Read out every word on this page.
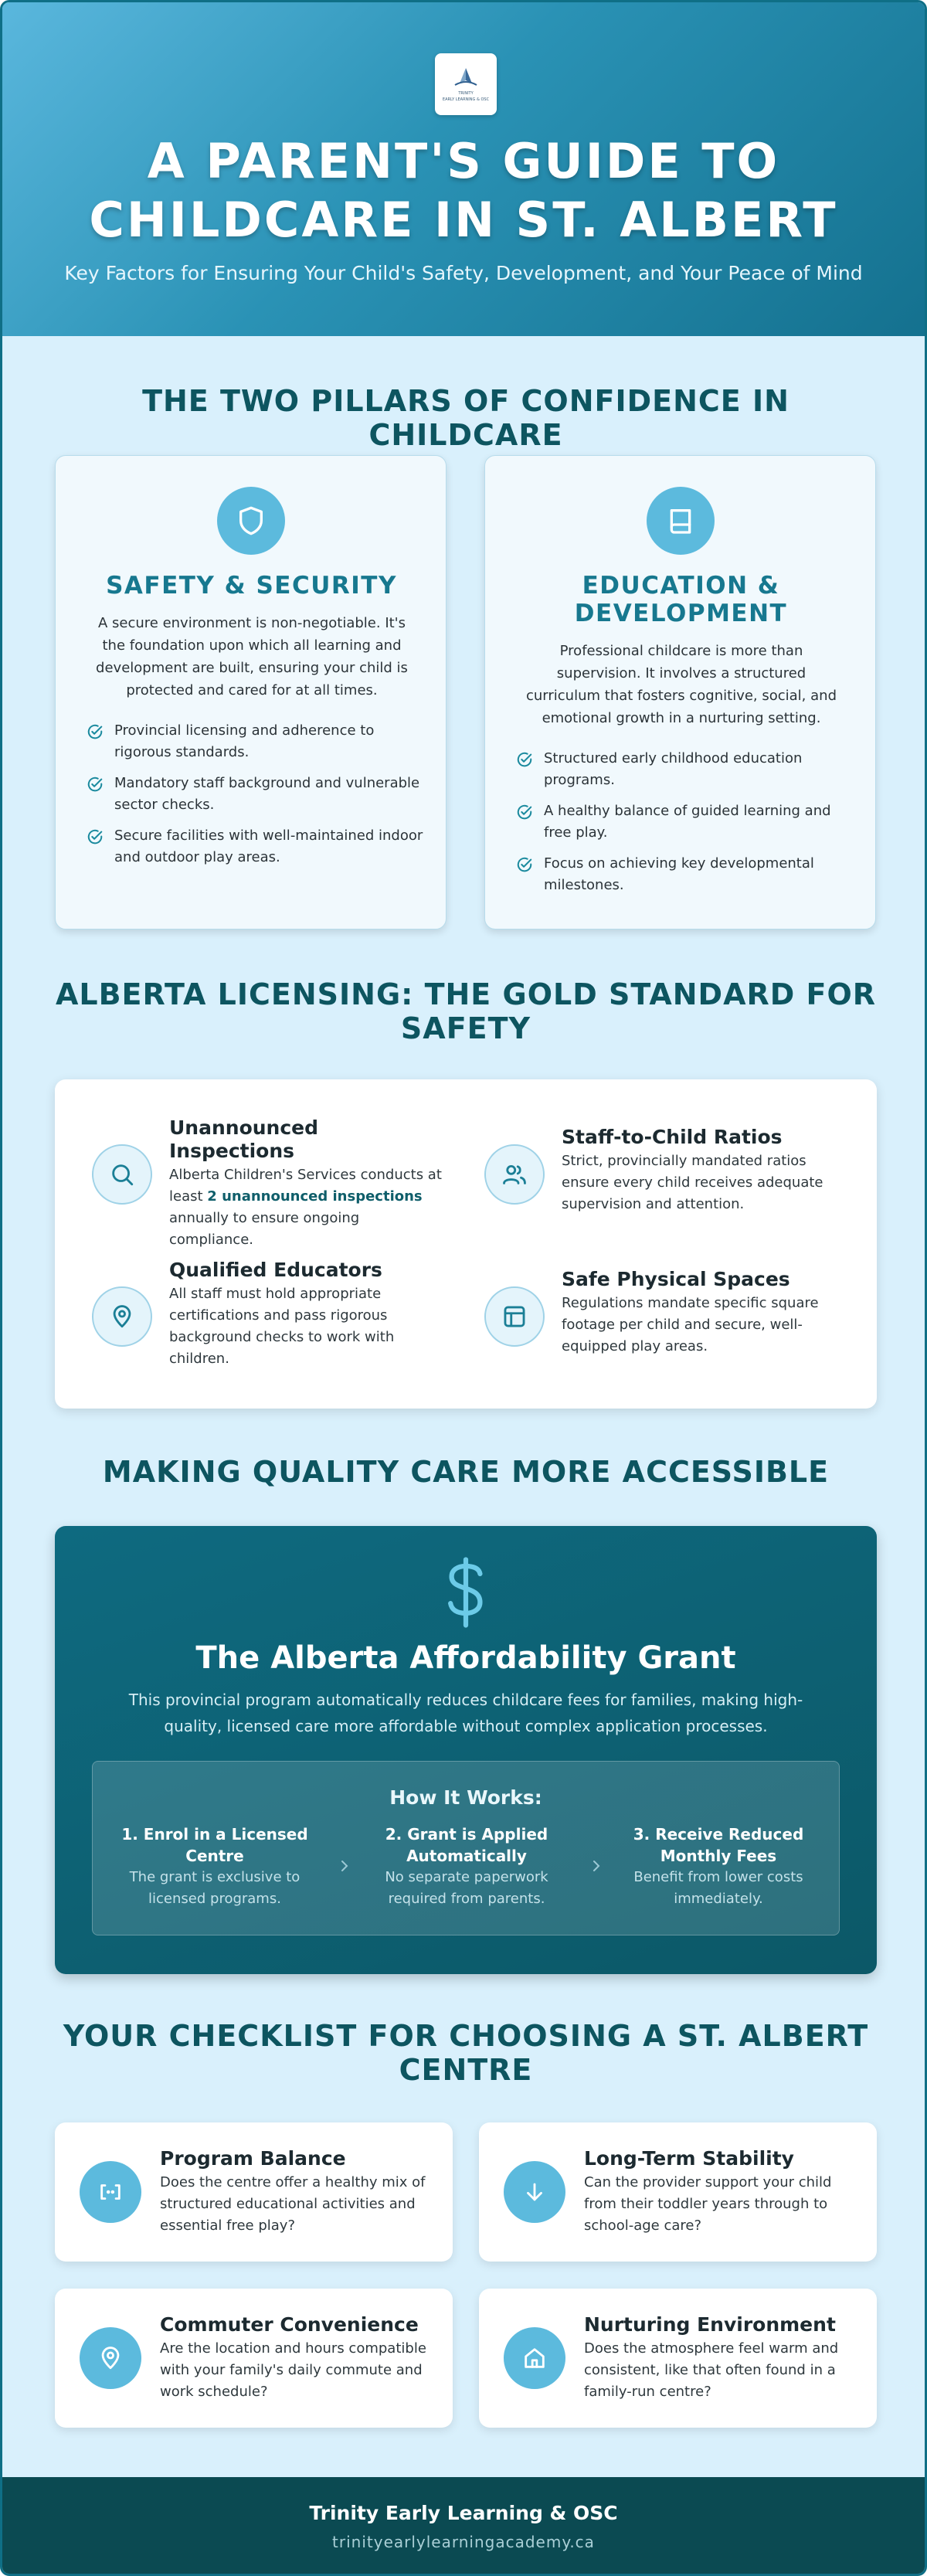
TRINITY
EARLY LEARNING & OSC
A PARENT'S GUIDE TO
CHILDCARE IN ST. ALBERT
Key Factors for Ensuring Your Child's Safety, Development, and Your Peace of Mind
THE TWO PILLARS OF CONFIDENCE IN CHILDCARE
SAFETY & SECURITY
A secure environment is non-negotiable. It's the foundation upon which all learning and development are built, ensuring your child is protected and cared for at all times.
Provincial licensing and adherence to rigorous standards.
Mandatory staff background and vulnerable sector checks.
Secure facilities with well-maintained indoor and outdoor play areas.
EDUCATION &
DEVELOPMENT
Professional childcare is more than supervision. It involves a structured curriculum that fosters cognitive, social, and emotional growth in a nurturing setting.
Structured early childhood education programs.
A healthy balance of guided learning and free play.
Focus on achieving key developmental milestones.
ALBERTA LICENSING: THE GOLD STANDARD FOR SAFETY
Unannounced Inspections
Alberta Children's Services conducts at least 2 unannounced inspections annually to ensure ongoing compliance.
Staff-to-Child Ratios
Strict, provincially mandated ratios ensure every child receives adequate supervision and attention.
Qualified Educators
All staff must hold appropriate certifications and pass rigorous background checks to work with children.
Safe Physical Spaces
Regulations mandate specific square footage per child and secure, well-equipped play areas.
MAKING QUALITY CARE MORE ACCESSIBLE
The Alberta Affordability Grant
This provincial program automatically reduces childcare fees for families, making high-quality, licensed care more affordable without complex application processes.
How It Works:
1. Enrol in a Licensed Centre
The grant is exclusive to licensed programs.
2. Grant is Applied Automatically
No separate paperwork required from parents.
3. Receive Reduced Monthly Fees
Benefit from lower costs immediately.
YOUR CHECKLIST FOR CHOOSING A ST. ALBERT CENTRE
Program Balance
Does the centre offer a healthy mix of structured educational activities and essential free play?
Long-Term Stability
Can the provider support your child from their toddler years through to school-age care?
Commuter Convenience
Are the location and hours compatible with your family's daily commute and work schedule?
Nurturing Environment
Does the atmosphere feel warm and consistent, like that often found in a family-run centre?
Trinity Early Learning & OSC
trinityearlylearningacademy.ca
